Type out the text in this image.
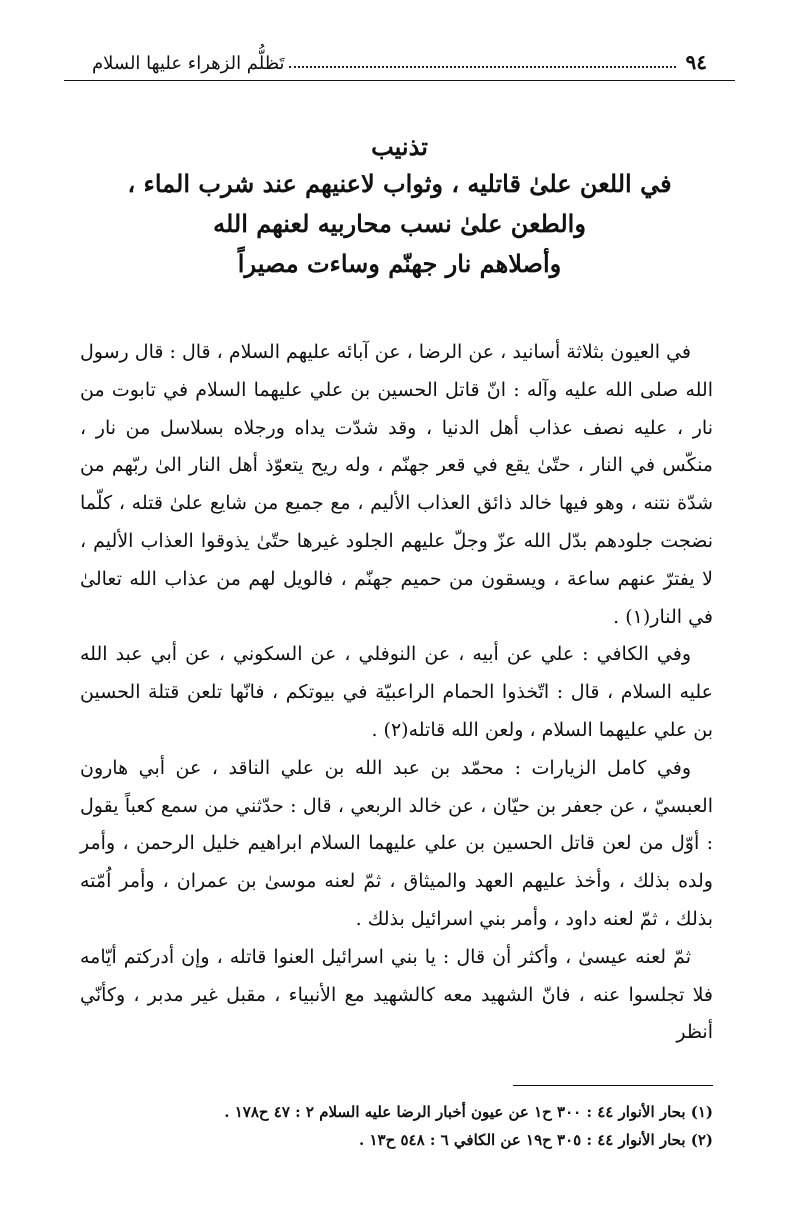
٩٤
تَظلُّم الزهراء عليها السلام
تذنيب
في اللعن علىٰ قاتليه ، وثواب لاعنيهم عند شرب الماء ،
والطعن علىٰ نسب محاربيه لعنهم الله
وأصلاهم نار جهنّم وساءت مصيراً

في العيون بثلاثة أسانيد ، عن الرضا ، عن آبائه عليهم السلام ، قال : قال رسول الله صلى الله عليه وآله : انّ قاتل الحسين بن علي عليهما السلام في تابوت من نار ، عليه نصف عذاب أهل الدنيا ، وقد شدّت يداه ورجلاه بسلاسل من نار ، منكّس في النار ، حتّىٰ يقع في قعر جهنّم ، وله ريح يتعوّذ أهل النار الىٰ ربّهم من شدّة نتنه ، وهو فيها خالد ذائق العذاب الأليم ، مع جميع من شايع علىٰ قتله ، كلّما نضجت جلودهم بدّل الله عزّ وجلّ عليهم الجلود غيرها حتّىٰ يذوقوا العذاب الأليم ، لا يفترّ عنهم ساعة ، ويسقون من حميم جهنّم ، فالويل لهم من عذاب الله تعالىٰ في النار(١) .

وفي الكافي : علي عن أبيه ، عن النوفلي ، عن السكوني ، عن أبي عبد الله عليه السلام ، قال : اتّخذوا الحمام الراعبيّة في بيوتكم ، فانّها تلعن قتلة الحسين بن علي عليهما السلام ، ولعن الله قاتله(٢) .

وفي كامل الزيارات : محمّد بن عبد الله بن علي الناقد ، عن أبي هارون العبسيّ ، عن جعفر بن حيّان ، عن خالد الربعي ، قال : حدّثني من سمع كعباً يقول : أوّل من لعن قاتل الحسين بن علي عليهما السلام ابراهيم خليل الرحمن ، وأمر ولده بذلك ، وأخذ عليهم العهد والميثاق ، ثمّ لعنه موسىٰ بن عمران ، وأمر اُمّته بذلك ، ثمّ لعنه داود ، وأمر بني اسرائيل بذلك .

ثمّ لعنه عيسىٰ ، وأكثر أن قال : يا بني اسرائيل العنوا قاتله ، وإن أدركتم أيّامه فلا تجلسوا عنه ، فانّ الشهيد معه كالشهيد مع الأنبياء ، مقبل غير مدبر ، وكأنّي أنظر

(١) بحار الأنوار ٤٤ : ٣٠٠ ح١ عن عيون أخبار الرضا عليه السلام ٢ : ٤٧ ح١٧٨ .
(٢) بحار الأنوار ٤٤ : ٣٠٥ ح١٩ عن الكافي ٦ : ٥٤٨ ح١٣ .
